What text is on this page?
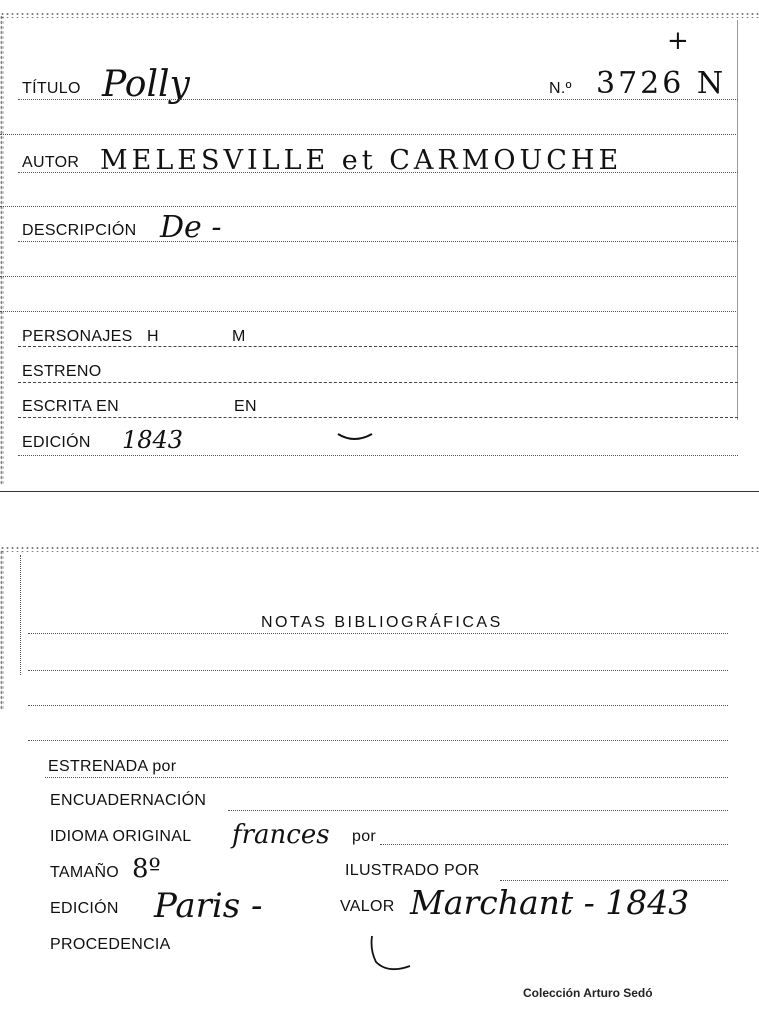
+
TÍTULO Polly	N.º 3726 N
AUTOR MELESVILLE et CARMOUCHE
DESCRIPCIÓN De -
PERSONAJES H	M
ESTRENO
ESCRITA EN	EN
EDICIÓN 1843
NOTAS BIBLIOGRÁFICAS
ESTRENADA por
ENCUADERNACIÓN
IDIOMA ORIGINAL frances por
TAMAÑO 8º	ILUSTRADO POR
EDICIÓN Paris -	VALOR Marchant - 1843
PROCEDENCIA
Colección Arturo Sedó
